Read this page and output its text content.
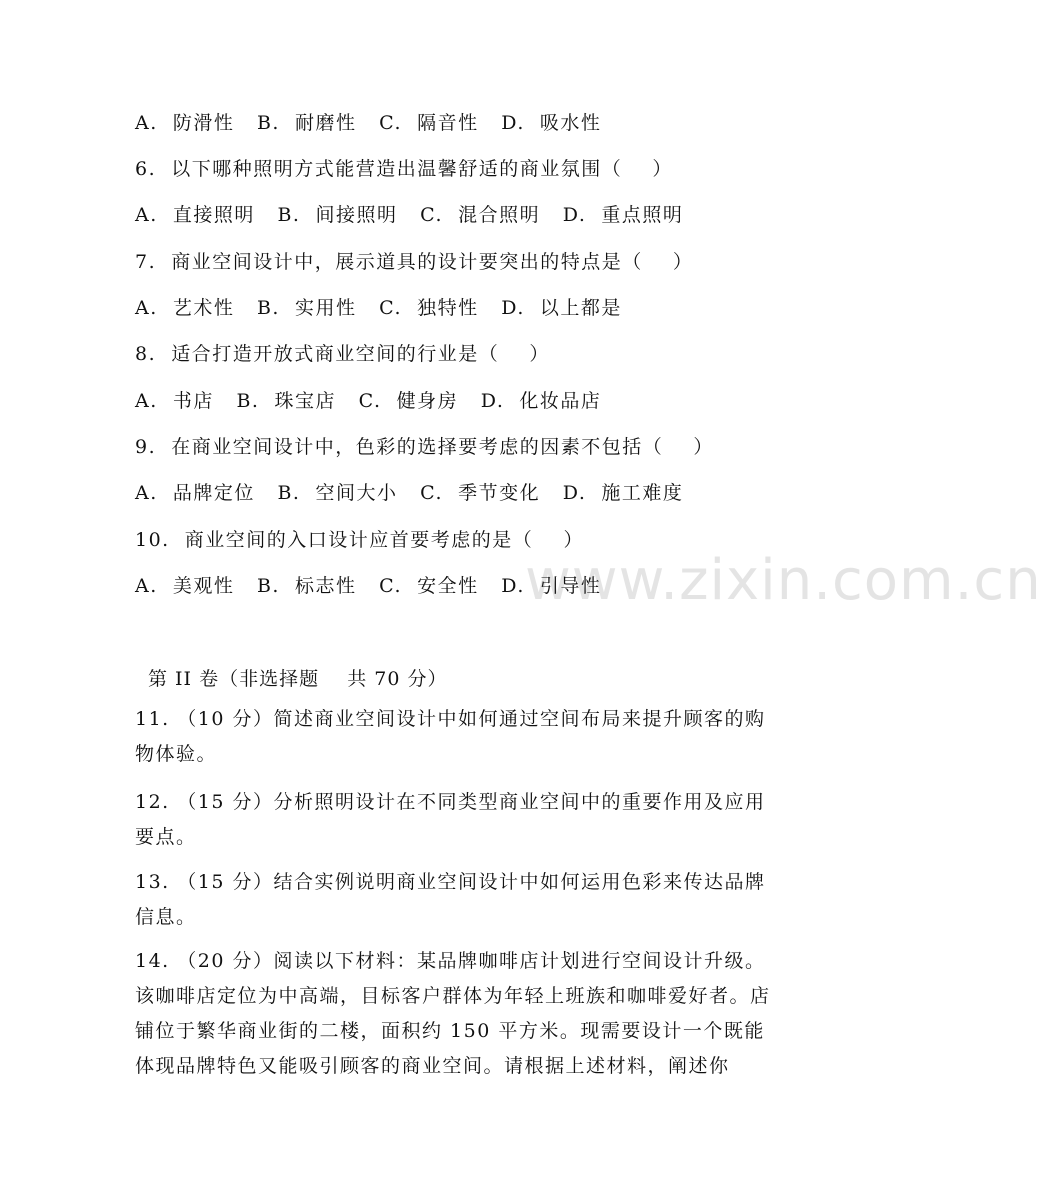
www.zixin.com.cn
A.  防滑性   B.  耐磨性   C.  隔音性   D.  吸水性
6.  以下哪种照明方式能营造出温馨舒适的商业氛围（    ）
A.  直接照明   B.  间接照明   C.  混合照明   D.  重点照明
7.  商业空间设计中，展示道具的设计要突出的特点是（    ）
A.  艺术性   B.  实用性   C.  独特性   D.  以上都是
8.  适合打造开放式商业空间的行业是（    ）
A.  书店   B.  珠宝店   C.  健身房   D.  化妆品店
9.  在商业空间设计中，色彩的选择要考虑的因素不包括（    ）
A.  品牌定位   B.  空间大小   C.  季节变化   D.  施工难度
10.  商业空间的入口设计应首要考虑的是（    ）
A.  美观性   B.  标志性   C.  安全性   D.  引导性
第 II 卷（非选择题    共 70 分）
11. （10 分）简述商业空间设计中如何通过空间布局来提升顾客的购物体验。
12. （15 分）分析照明设计在不同类型商业空间中的重要作用及应用要点。
13. （15 分）结合实例说明商业空间设计中如何运用色彩来传达品牌信息。
14. （20 分）阅读以下材料：某品牌咖啡店计划进行空间设计升级。该咖啡店定位为中高端，目标客户群体为年轻上班族和咖啡爱好者。店铺位于繁华商业街的二楼，面积约 150 平方米。现需要设计一个既能体现品牌特色又能吸引顾客的商业空间。请根据上述材料，阐述你
